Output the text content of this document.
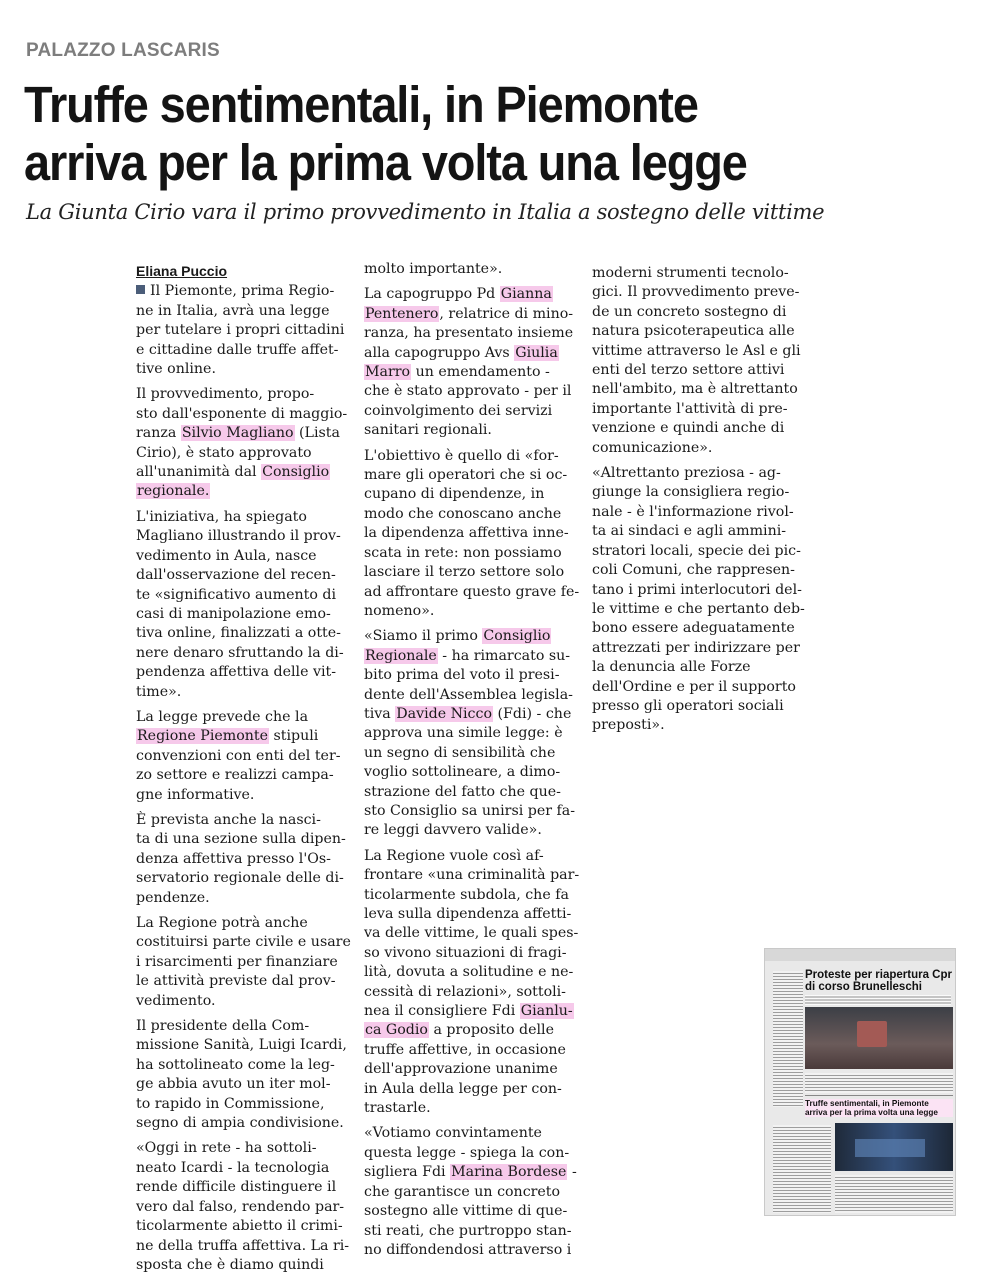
PALAZZO LASCARIS
Truffe sentimentali, in Piemonte
arriva per la prima volta una legge
La Giunta Cirio vara il primo provvedimento in Italia a sostegno delle vittime
Eliana Puccio
Il Piemonte, prima Regio-
ne in Italia, avrà una legge
per tutelare i propri cittadini
e cittadine dalle truffe affet-
tive online.
Il provvedimento, propo-
sto dall'esponente di maggio-
ranza Silvio Magliano (Lista
Cirio), è stato approvato
all'unanimità dal Consiglio
regionale.
L'iniziativa, ha spiegato
Magliano illustrando il prov-
vedimento in Aula, nasce
dall'osservazione del recen-
te «significativo aumento di
casi di manipolazione emo-
tiva online, finalizzati a otte-
nere denaro sfruttando la di-
pendenza affettiva delle vit-
time».
La legge prevede che la
Regione Piemonte stipuli
convenzioni con enti del ter-
zo settore e realizzi campa-
gne informative.
È prevista anche la nasci-
ta di una sezione sulla dipen-
denza affettiva presso l'Os-
servatorio regionale delle di-
pendenze.
La Regione potrà anche
costituirsi parte civile e usare
i risarcimenti per finanziare
le attività previste dal prov-
vedimento.
Il presidente della Com-
missione Sanità, Luigi Icardi,
ha sottolineato come la leg-
ge abbia avuto un iter mol-
to rapido in Commissione,
segno di ampia condivisione.
«Oggi in rete - ha sottoli-
neato Icardi - la tecnologia
rende difficile distinguere il
vero dal falso, rendendo par-
ticolarmente abietto il crimi-
ne della truffa affettiva. La ri-
sposta che è diamo quindi
molto importante».
La capogruppo Pd Gianna
Pentenero, relatrice di mino-
ranza, ha presentato insieme
alla capogruppo Avs Giulia
Marro un emendamento -
che è stato approvato - per il
coinvolgimento dei servizi
sanitari regionali.
L'obiettivo è quello di «for-
mare gli operatori che si oc-
cupano di dipendenze, in
modo che conoscano anche
la dipendenza affettiva inne-
scata in rete: non possiamo
lasciare il terzo settore solo
ad affrontare questo grave fe-
nomeno».
«Siamo il primo Consiglio
Regionale - ha rimarcato su-
bito prima del voto il presi-
dente dell'Assemblea legisla-
tiva Davide Nicco (Fdi) - che
approva una simile legge: è
un segno di sensibilità che
voglio sottolineare, a dimo-
strazione del fatto che que-
sto Consiglio sa unirsi per fa-
re leggi davvero valide».
La Regione vuole così af-
frontare «una criminalità par-
ticolarmente subdola, che fa
leva sulla dipendenza affetti-
va delle vittime, le quali spes-
so vivono situazioni di fragi-
lità, dovuta a solitudine e ne-
cessità di relazioni», sottoli-
nea il consigliere Fdi Gianlu-
ca Godio a proposito delle
truffe affettive, in occasione
dell'approvazione unanime
in Aula della legge per con-
trastarle.
«Votiamo convintamente
questa legge - spiega la con-
sigliera Fdi Marina Bordese -
che garantisce un concreto
sostegno alle vittime di que-
sti reati, che purtroppo stan-
no diffondendosi attraverso i
moderni strumenti tecnolo-
gici. Il provvedimento preve-
de un concreto sostegno di
natura psicoterapeutica alle
vittime attraverso le Asl e gli
enti del terzo settore attivi
nell'ambito, ma è altrettanto
importante l'attività di pre-
venzione e quindi anche di
comunicazione».
«Altrettanto preziosa - ag-
giunge la consigliera regio-
nale - è l'informazione rivol-
ta ai sindaci e agli ammini-
stratori locali, specie dei pic-
coli Comuni, che rappresen-
tano i primi interlocutori del-
le vittime e che pertanto deb-
bono essere adeguatamente
attrezzati per indirizzare per
la denuncia alle Forze
dell'Ordine e per il supporto
presso gli operatori sociali
preposti».
Proteste per riapertura Cpr di corso Brunelleschi
Truffe sentimentali, in Piemonte arriva per la prima volta una legge
